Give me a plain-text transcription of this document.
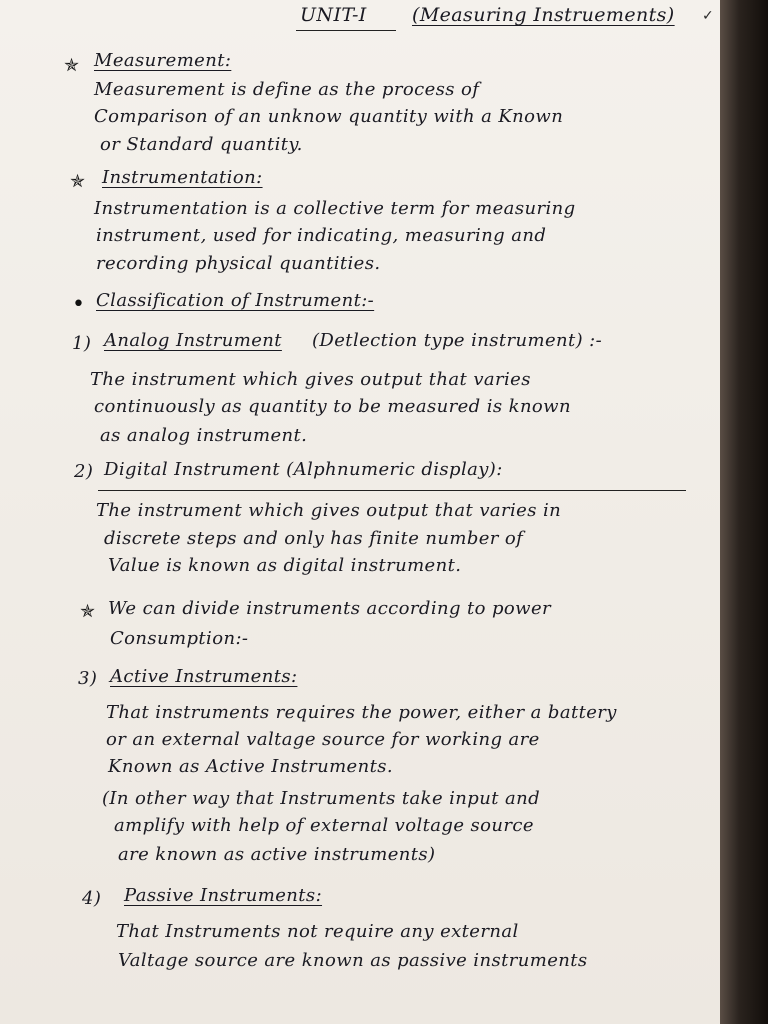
UNIT-I (Measuring Instruements) ✓
✯ Measurement:
Measurement is define as the process of
Comparison of an unknow quantity with a Known
or Standard quantity.
✯ Instrumentation:
Instrumentation is a collective term for measuring
instrument, used for indicating, measuring and
recording physical quantities.
• Classification of Instrument:-
1) Analog Instrument (Detlection type instrument) :-
The instrument which gives output that varies
continuously as quantity to be measured is known
as analog instrument.
2) Digital Instrument (Alphnumeric display):
The instrument which gives output that varies in
discrete steps and only has finite number of
Value is known as digital instrument.
✯ We can divide instruments according to power
Consumption:-
3) Active Instruments:
That instruments requires the power, either a battery
or an external valtage source for working are
Known as Active Instruments.
(In other way that Instruments take input and
amplify with help of external voltage source
are known as active instruments)
4) Passive Instruments:
That Instruments not require any external
Valtage source are known as passive instruments
